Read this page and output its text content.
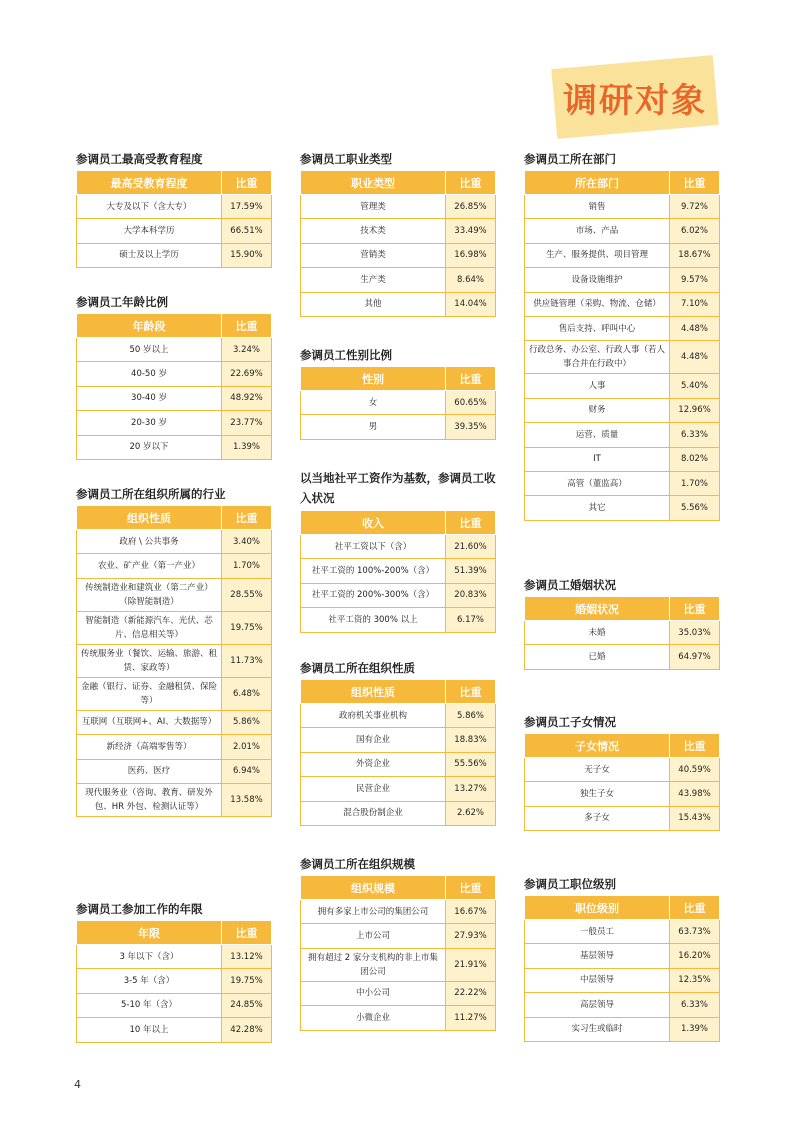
调研对象
参调员工最高受教育程度
最高受教育程度	比重
大专及以下（含大专）	17.59%
大学本科学历	66.51%
硕士及以上学历	15.90%
参调员工年龄比例
年龄段	比重
50 岁以上	3.24%
40-50 岁	22.69%
30-40 岁	48.92%
20-30 岁	23.77%
20 岁以下	1.39%
参调员工所在组织所属的行业
组织性质	比重
政府 \ 公共事务	3.40%
农业、矿产业（第一产业）	1.70%
传统制造业和建筑业（第二产业）（除智能制造）	28.55%
智能制造（新能源汽车、光伏、芯片、信息相关等）	19.75%
传统服务业（餐饮、运输、旅游、租赁、家政等）	11.73%
金融（银行、证券、金融租赁、保险等）	6.48%
互联网（互联网+、AI、大数据等）	5.86%
新经济（高端零售等）	2.01%
医药、医疗	6.94%
现代服务业（咨询、教育、研发外包、HR 外包、检测认证等）	13.58%
参调员工参加工作的年限
年限	比重
3 年以下（含）	13.12%
3-5 年（含）	19.75%
5-10 年（含）	24.85%
10 年以上	42.28%
参调员工职业类型
职业类型	比重
管理类	26.85%
技术类	33.49%
营销类	16.98%
生产类	8.64%
其他	14.04%
参调员工性别比例
性别	比重
女	60.65%
男	39.35%
以当地社平工资作为基数，参调员工收入状况
收入	比重
社平工资以下（含）	21.60%
社平工资的 100%-200%（含）	51.39%
社平工资的 200%-300%（含）	20.83%
社平工资的 300% 以上	6.17%
参调员工所在组织性质
组织性质	比重
政府机关事业机构	5.86%
国有企业	18.83%
外资企业	55.56%
民营企业	13.27%
混合股份制企业	2.62%
参调员工所在组织规模
组织规模	比重
拥有多家上市公司的集团公司	16.67%
上市公司	27.93%
拥有超过 2 家分支机构的非上市集团公司	21.91%
中小公司	22.22%
小微企业	11.27%
参调员工所在部门
所在部门	比重
销售	9.72%
市场、产品	6.02%
生产、服务提供、项目管理	18.67%
设备设施维护	9.57%
供应链管理（采购、物流、仓储）	7.10%
售后支持、呼叫中心	4.48%
行政总务、办公室、行政人事（若人事合并在行政中）	4.48%
人事	5.40%
财务	12.96%
运营、质量	6.33%
IT	8.02%
高管（董监高）	1.70%
其它	5.56%
参调员工婚姻状况
婚姻状况	比重
未婚	35.03%
已婚	64.97%
参调员工子女情况
子女情况	比重
无子女	40.59%
独生子女	43.98%
多子女	15.43%
参调员工职位级别
职位级别	比重
一般员工	63.73%
基层领导	16.20%
中层领导	12.35%
高层领导	6.33%
实习生或临时	1.39%
4
